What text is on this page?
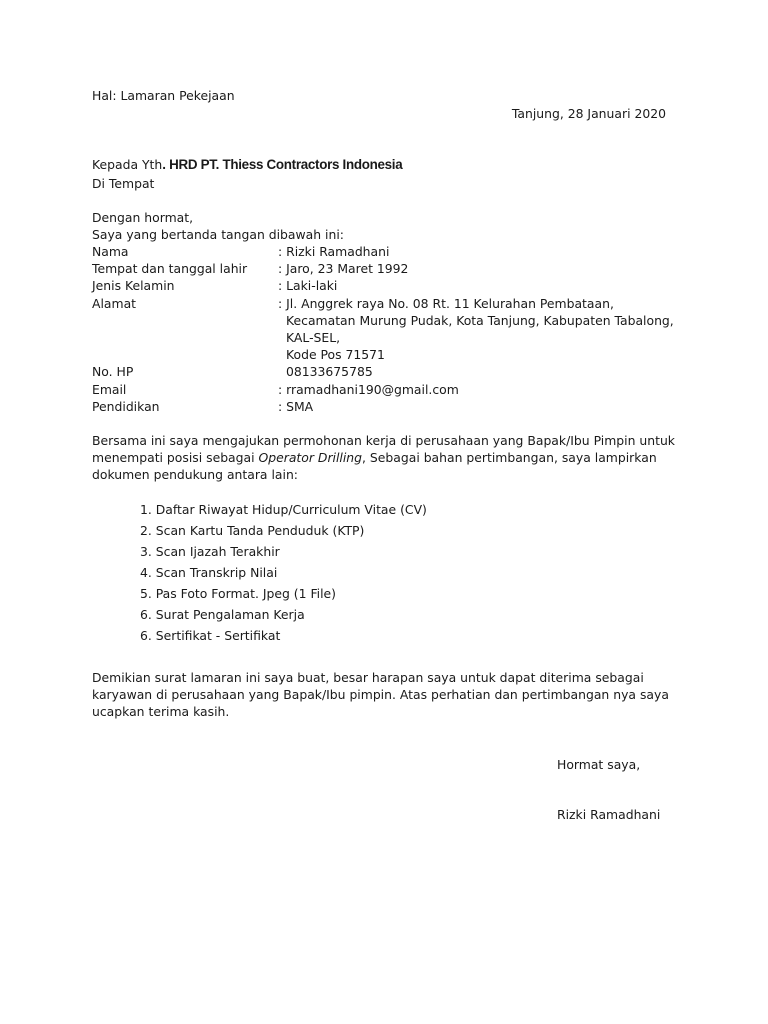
Hal: Lamaran Pekejaan
Tanjung, 28 Januari 2020
Kepada Yth. HRD PT. Thiess Contractors Indonesia
Di Tempat
Dengan hormat,
Saya yang bertanda tangan dibawah ini:
Nama	: Rizki Ramadhani
Tempat dan tanggal lahir	: Jaro, 23 Maret 1992
Jenis Kelamin	: Laki-laki
Alamat	: Jl. Anggrek raya No. 08 Rt. 11 Kelurahan Pembataan,
Kecamatan Murung Pudak, Kota Tanjung, Kabupaten Tabalong,
KAL-SEL,
Kode Pos 71571
No. HP	08133675785
Email	: rramadhani190@gmail.com
Pendidikan	: SMA
Bersama ini saya mengajukan permohonan kerja di perusahaan yang Bapak/Ibu Pimpin untuk
menempati posisi sebagai Operator Drilling, Sebagai bahan pertimbangan, saya lampirkan
dokumen pendukung antara lain:
1. Daftar Riwayat Hidup/Curriculum Vitae (CV)
2. Scan Kartu Tanda Penduduk (KTP)
3. Scan Ijazah Terakhir
4. Scan Transkrip Nilai
5. Pas Foto Format. Jpeg (1 File)
6. Surat Pengalaman Kerja
6. Sertifikat - Sertifikat
Demikian surat lamaran ini saya buat, besar harapan saya untuk dapat diterima sebagai
karyawan di perusahaan yang Bapak/Ibu pimpin. Atas perhatian dan pertimbangan nya saya
ucapkan terima kasih.
Hormat saya,
Rizki Ramadhani
